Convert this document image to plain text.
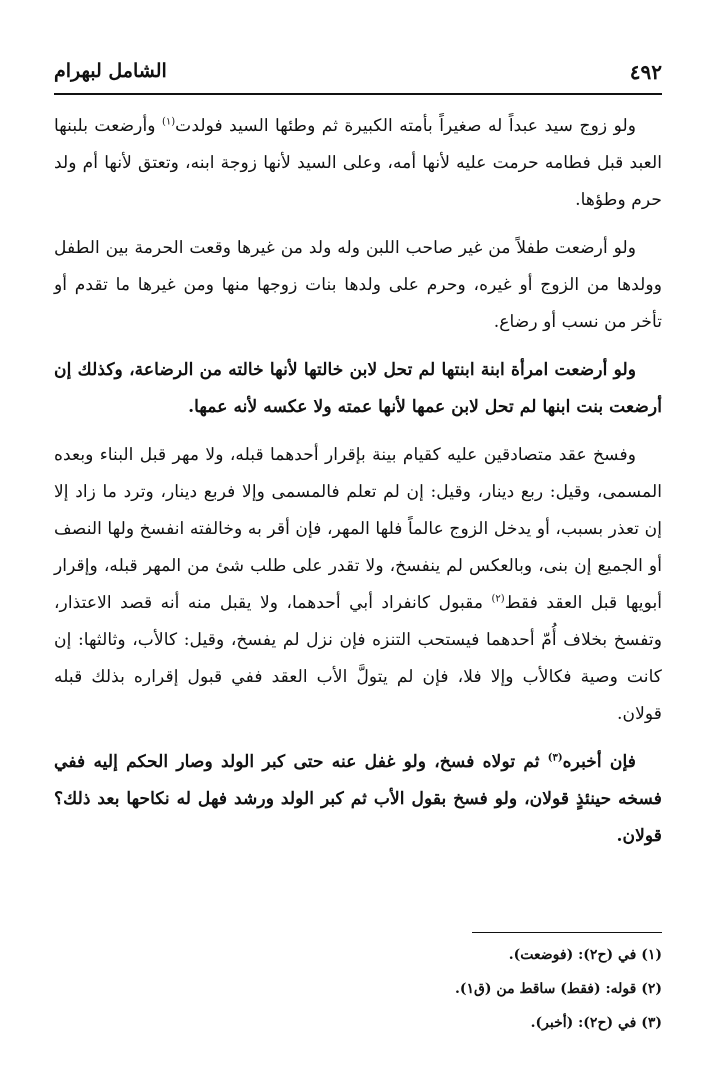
٤٩٢
الشامل لبهرام

ولو زوج سيد عبداً له صغيراً بأمته الكبيرة ثم وطئها السيد فولدت$^{(١)}$ وأرضعت بلبنها العبد قبل فطامه حرمت عليه لأنها أمه، وعلى السيد لأنها زوجة ابنه، وتعتق لأنها أم ولد حرم وطؤها.

ولو أرضعت طفلاً من غير صاحب اللبن وله ولد من غيرها وقعت الحرمة بين الطفل وولدها من الزوج أو غيره، وحرم على ولدها بنات زوجها منها ومن غيرها ما تقدم أو تأخر من نسب أو رضاع.

ولو أرضعت امرأة ابنة ابنتها لم تحل لابن خالتها لأنها خالته من الرضاعة، وكذلك إن أرضعت بنت ابنها لم تحل لابن عمها لأنها عمته ولا عكسه لأنه عمها.

وفسخ عقد متصادقين عليه كقيام بينة بإقرار أحدهما قبله، ولا مهر قبل البناء وبعده المسمى، وقيل: ربع دينار، وقيل: إن لم تعلم فالمسمى وإلا فربع دينار، وترد ما زاد إلا إن تعذر بسبب، أو يدخل الزوج عالماً فلها المهر، فإن أقر به وخالفته انفسخ ولها النصف أو الجميع إن بنى، وبالعكس لم ينفسخ، ولا تقدر على طلب شئ من المهر قبله، وإقرار أبويها قبل العقد فقط$^{(٢)}$ مقبول كانفراد أبي أحدهما، ولا يقبل منه أنه قصد الاعتذار، وتفسخ بخلاف أُمّ أحدهما فيستحب التنزه فإن نزل لم يفسخ، وقيل: كالأب، وثالثها: إن كانت وصية فكالأب وإلا فلا، فإن لم يتولَّ الأب العقد ففي قبول إقراره بذلك قبله قولان.

فإن أخبره$^{(٣)}$ ثم تولاه فسخ، ولو غفل عنه حتى كبر الولد وصار الحكم إليه ففي فسخه حينئذٍ قولان، ولو فسخ بقول الأب ثم كبر الولد ورشد فهل له نكاحها بعد ذلك؟ قولان.

(١) في (ح٢): (فوضعت).

(٢) قوله: (فقط) ساقط من (ق١).

(٣) في (ح٢): (أخبر).
